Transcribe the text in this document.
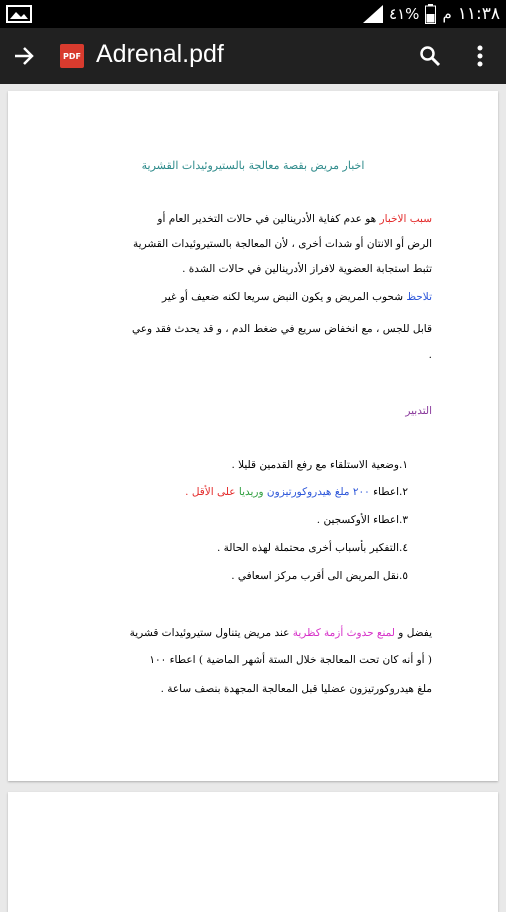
٤١% م ١١:٣٨
PDF Adrenal.pdf
اخبار مريض بقصة معالجة بالستيروئيدات القشرية
سبب الاخبار هو عدم كفاية الأدرينالين في حالات التخدير العام أو
الرض أو الانتان أو شدات أخرى ، لأن المعالجة بالستيروئيدات القشرية
تثبط استجابة العضوية لافراز الأدرينالين في حالات الشدة .
تلاحظ شحوب المريض و يكون النبض سريعا لكنه ضعيف أو غير
قابل للجس ، مع انخفاض سريع في ضغط الدم ، و قد يحدث فقد وعي
.
التدبير
١.وضعية الاستلقاء مع رفع القدمين قليلا .
٢.اعطاء ٢٠٠ ملغ هيدروكورتيزون وريديا على الأقل .
٣.اعطاء الأوكسجين .
٤.التفكير بأسباب أخرى محتملة لهذه الحالة .
٥.نقل المريض الى أقرب مركز اسعافي .
يفضل و لمنع حدوث أزمة كظرية عند مريض يتناول ستيروئيدات قشرية
( أو أنه كان تحت المعالجة خلال الستة أشهر الماضية ) اعطاء ١٠٠
ملغ هيدروكورتيزون عضليا قبل المعالجة المجهدة بنصف ساعة .
